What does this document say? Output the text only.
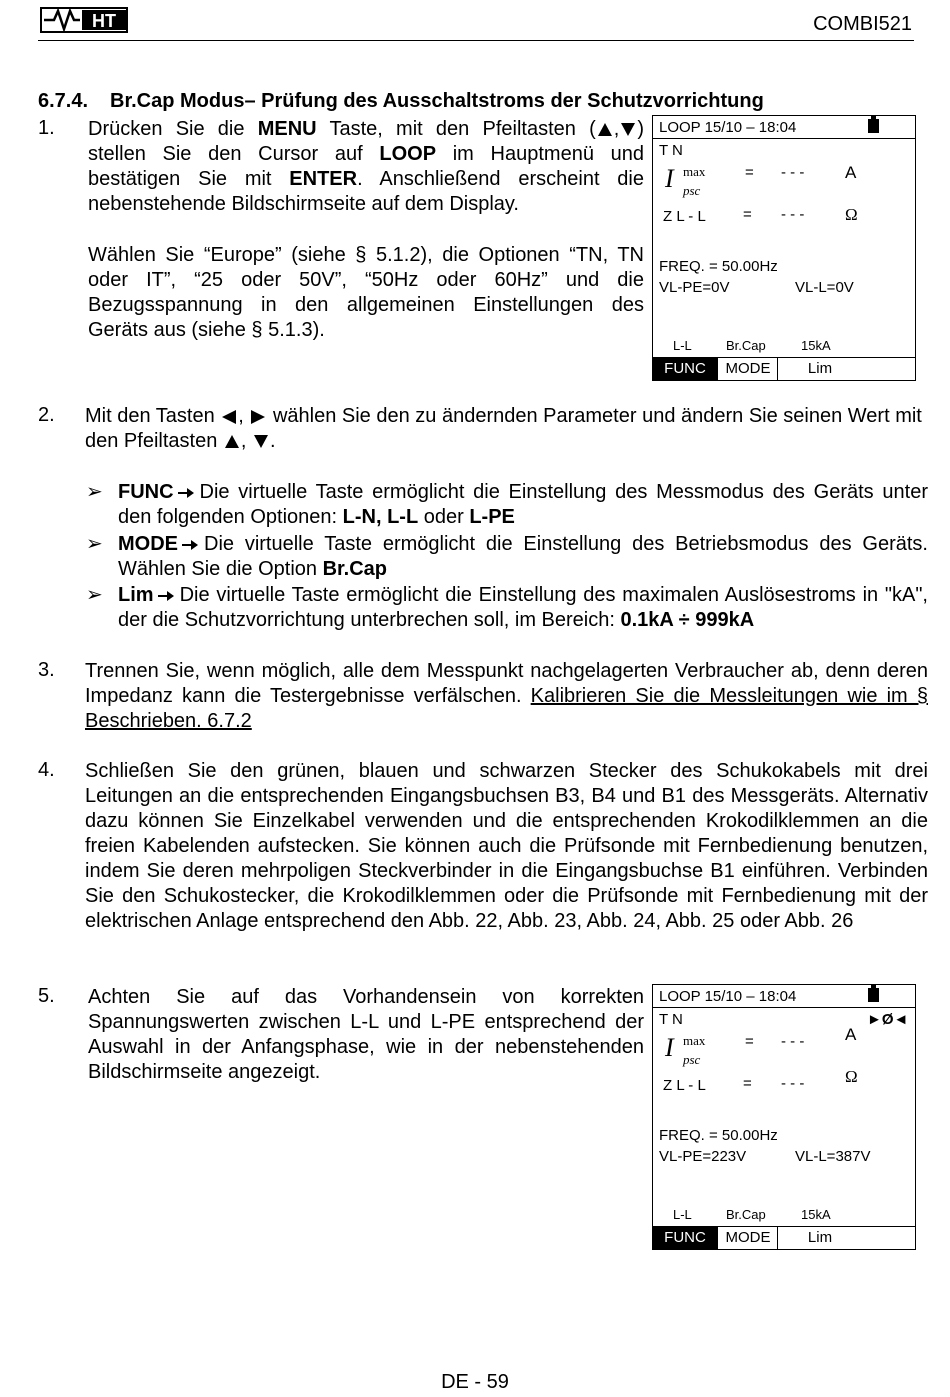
HT	COMBI521
6.7.4. Br.Cap Modus– Prüfung des Ausschaltstroms der Schutzvorrichtung
1. Drücken Sie die MENU Taste, mit den Pfeiltasten ( , ) stellen Sie den Cursor auf LOOP im Hauptmenü und bestätigen Sie mit ENTER. Anschließend erscheint die nebenstehende Bildschirmseite auf dem Display.
Wählen Sie “Europe” (siehe § 5.1.2), die Optionen “TN, TN oder IT”, “25 oder 50V”, “50Hz oder 60Hz” und die Bezugsspannung in den allgemeinen Einstellungen des Geräts aus (siehe § 5.1.3).
LOOP 15/10 – 18:04
T N
I max
psc
= - - - A
Z L - L = - - - Ω
FREQ. = 50.00Hz
VL-PE=0V	VL-L=0V
L-L	Br.Cap	15kA
FUNC	MODE	Lim
2. Mit den Tasten ,  wählen Sie den zu ändernden Parameter und ändern Sie seinen Wert mit den Pfeiltasten , .
➢ FUNC Die virtuelle Taste ermöglicht die Einstellung des Messmodus des Geräts unter den folgenden Optionen: L-N, L-L oder L-PE
➢ MODE Die virtuelle Taste ermöglicht die Einstellung des Betriebsmodus des Geräts. Wählen Sie die Option Br.Cap
➢ Lim Die virtuelle Taste ermöglicht die Einstellung des maximalen Auslösestroms in "kA", der die Schutzvorrichtung unterbrechen soll, im Bereich: 0.1kA ÷ 999kA
3. Trennen Sie, wenn möglich, alle dem Messpunkt nachgelagerten Verbraucher ab, denn deren Impedanz kann die Testergebnisse verfälschen. Kalibrieren Sie die Messleitungen wie im § Beschrieben. 6.7.2
4. Schließen Sie den grünen, blauen und schwarzen Stecker des Schukokabels mit drei Leitungen an die entsprechenden Eingangsbuchsen B3, B4 und B1 des Messgeräts. Alternativ dazu können Sie Einzelkabel verwenden und die entsprechenden Krokodilklemmen an die freien Kabelenden aufstecken. Sie können auch die Prüfsonde mit Fernbedienung benutzen, indem Sie deren mehrpoligen Steckverbinder in die Eingangsbuchse B1 einführen. Verbinden Sie den Schukostecker, die Krokodilklemmen oder die Prüfsonde mit Fernbedienung mit der elektrischen Anlage entsprechend den Abb. 22, Abb. 23, Abb. 24, Abb. 25 oder Abb. 26
5. Achten Sie auf das Vorhandensein von korrekten Spannungswerten zwischen L-L und L-PE entsprechend der Auswahl in der Anfangsphase, wie in der nebenstehenden Bildschirmseite angezeigt.
LOOP 15/10 – 18:04
T N	►Ø◄
I max
psc
= - - - A
Z L - L = - - - Ω
FREQ. = 50.00Hz
VL-PE=223V	VL-L=387V
L-L	Br.Cap	15kA
FUNC	MODE	Lim
DE - 59
